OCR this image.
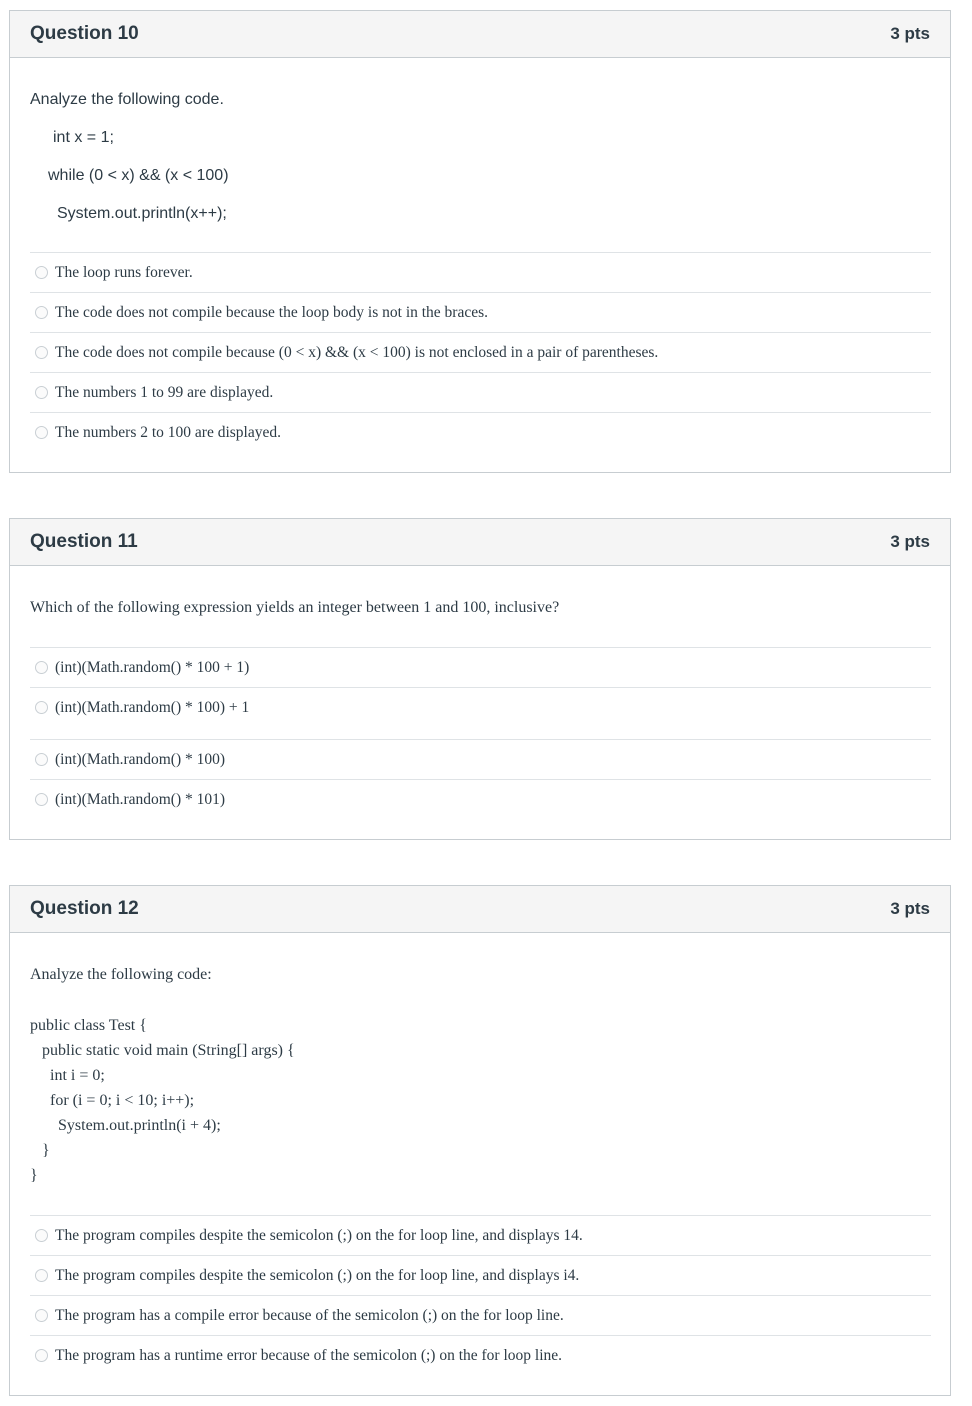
Question 10	3 pts
Analyze the following code.
int x = 1;
while (0 < x) && (x < 100)
System.out.println(x++);
The loop runs forever.
The code does not compile because the loop body is not in the braces.
The code does not compile because (0 < x) && (x < 100) is not enclosed in a pair of parentheses.
The numbers 1 to 99 are displayed.
The numbers 2 to 100 are displayed.
Question 11	3 pts
Which of the following expression yields an integer between 1 and 100, inclusive?
(int)(Math.random() * 100 + 1)
(int)(Math.random() * 100) + 1
(int)(Math.random() * 100)
(int)(Math.random() * 101)
Question 12	3 pts
Analyze the following code:
public class Test {
public static void main (String[] args) {
int i = 0;
for (i = 0; i < 10; i++);
System.out.println(i + 4);
}
}
The program compiles despite the semicolon (;) on the for loop line, and displays 14.
The program compiles despite the semicolon (;) on the for loop line, and displays i4.
The program has a compile error because of the semicolon (;) on the for loop line.
The program has a runtime error because of the semicolon (;) on the for loop line.
